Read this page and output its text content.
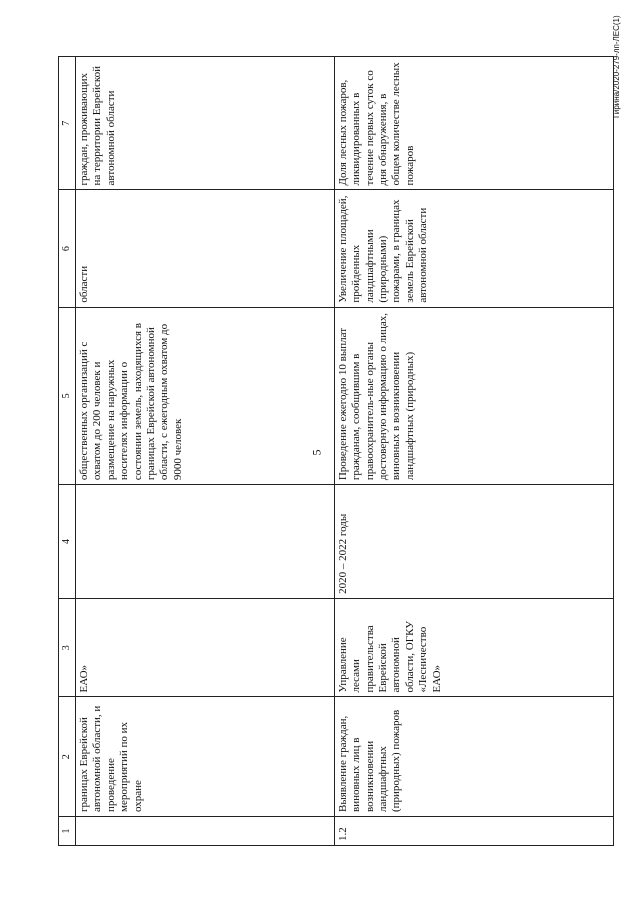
5
Гирина/2020-279-лп-ЛЕС(1)
1	2	3	4	5	6	7
	границах Еврейской автономной области, и проведение мероприятий по их охране	ЕАО»		общественных организаций с охватом до 200 человек и размещение на наружных носителях информации о состоянии земель, находящихся в границах Еврейской автономной области, с ежегодным охватом до 9000 человек	области	граждан, проживающих на территории Еврейской автономной области
1.2	Выявление граждан, виновных лиц в возникновении ландшафтных (природных) пожаров	Управление лесами правительства Еврейской автономной области, ОГКУ «Лесничество ЕАО»	2020 – 2022 годы	Проведение ежегодно 10 выплат гражданам, сообщившим в правоохранитель-ные органы достоверную информацию о лицах, виновных в возникновении ландшафтных (природных)	Увеличение площадей, пройденных ландшафтными (природными) пожарами, в границах земель Еврейской автономной области	Доля лесных пожаров, ликвидированных в течение первых суток со дня обнаружения, в общем количестве лесных пожаров
